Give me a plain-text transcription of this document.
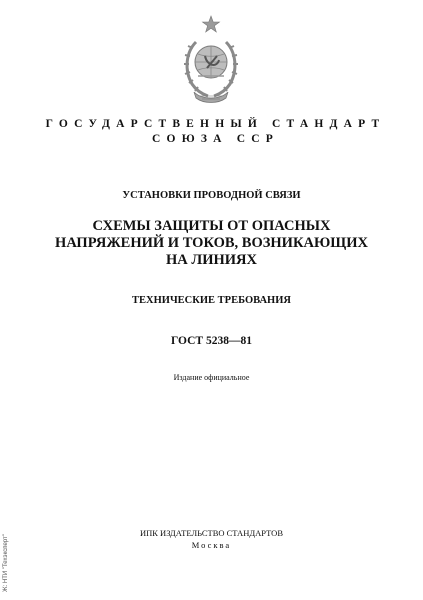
ГОСУДАРСТВЕННЫЙ СТАНДАРТ
СОЮЗА ССР
УСТАНОВКИ ПРОВОДНОЙ СВЯЗИ
СХЕМЫ ЗАЩИТЫ ОТ ОПАСНЫХ
НАПРЯЖЕНИЙ И ТОКОВ, ВОЗНИКАЮЩИХ
НА ЛИНИЯХ
ТЕХНИЧЕСКИЕ ТРЕБОВАНИЯ
ГОСТ 5238—81
Издание официальное
ИПК ИЗДАТЕЛЬСТВО СТАНДАРТОВ
Москва
Ж: НТИ "Техэксперт"
